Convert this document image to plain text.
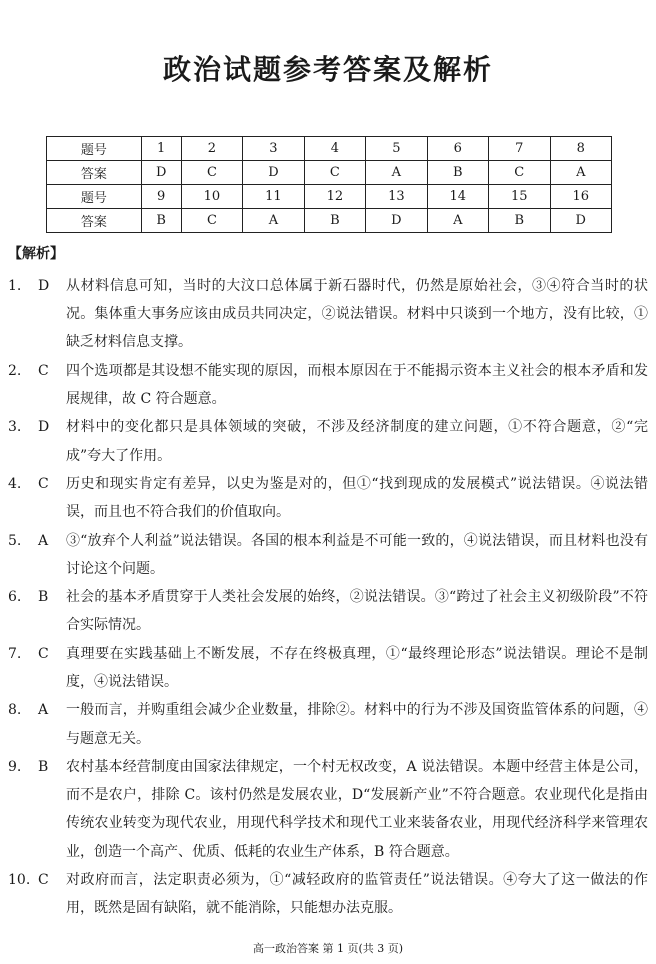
政治试题参考答案及解析
题号	1	2	3	4	5	6	7	8
答案	D	C	D	C	A	B	C	A
题号	9	10	11	12	13	14	15	16
答案	B	C	A	B	D	A	B	D
【解析】
1.	D	从材料信息可知，当时的大汶口总体属于新石器时代，仍然是原始社会，③④符合当时的状况。集体重大事务应该由成员共同决定，②说法错误。材料中只谈到一个地方，没有比较，①缺乏材料信息支撑。
2.	C	四个选项都是其设想不能实现的原因，而根本原因在于不能揭示资本主义社会的根本矛盾和发展规律，故 C 符合题意。
3.	D	材料中的变化都只是具体领域的突破，不涉及经济制度的建立问题，①不符合题意，②“完成”夸大了作用。
4.	C	历史和现实肯定有差异，以史为鉴是对的，但①“找到现成的发展模式”说法错误。④说法错误，而且也不符合我们的价值取向。
5.	A	③“放弃个人利益”说法错误。各国的根本利益是不可能一致的，④说法错误，而且材料也没有讨论这个问题。
6.	B	社会的基本矛盾贯穿于人类社会发展的始终，②说法错误。③“跨过了社会主义初级阶段”不符合实际情况。
7.	C	真理要在实践基础上不断发展，不存在终极真理，①“最终理论形态”说法错误。理论不是制度，④说法错误。
8.	A	一般而言，并购重组会减少企业数量，排除②。材料中的行为不涉及国资监管体系的问题，④与题意无关。
9.	B	农村基本经营制度由国家法律规定，一个村无权改变，A 说法错误。本题中经营主体是公司，而不是农户，排除 C。该村仍然是发展农业，D“发展新产业”不符合题意。农业现代化是指由传统农业转变为现代农业，用现代科学技术和现代工业来装备农业，用现代经济科学来管理农业，创造一个高产、优质、低耗的农业生产体系，B 符合题意。
10. C	对政府而言，法定职责必须为，①“减轻政府的监管责任”说法错误。④夸大了这一做法的作用，既然是固有缺陷，就不能消除，只能想办法克服。
高一政治答案 第 1 页(共 3 页)
